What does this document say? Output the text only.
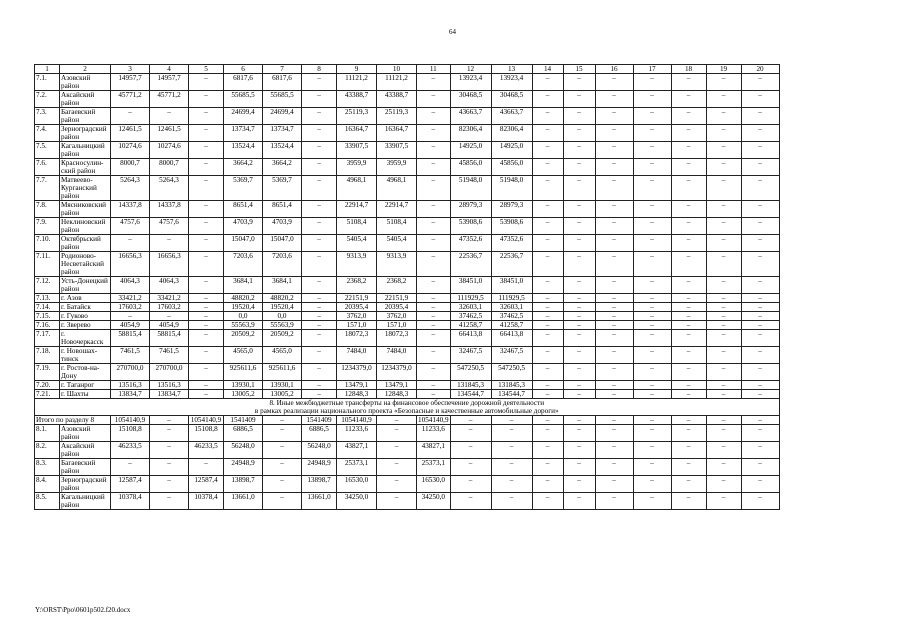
64
1	2	3	4	5	6	7	8	9	10	11	12	13	14	15	16	17	18	19	20
7.1.	Азовский район	14957,7	14957,7	–	6817,6	6817,6	–	11121,2	11121,2	–	13923,4	13923,4	–	–	–	–	–	–	–
7.2.	Аксайский район	45771,2	45771,2	–	55685,5	55685,5	–	43388,7	43388,7	–	30468,5	30468,5	–	–	–	–	–	–	–
7.3.	Багаевский район	–	–	–	24699,4	24699,4	–	25119,3	25119,3	–	43663,7	43663,7	–	–	–	–	–	–	–
7.4.	Зерноградский район	12461,5	12461,5	–	13734,7	13734,7	–	16364,7	16364,7	–	82306,4	82306,4	–	–	–	–	–	–	–
7.5.	Кагальницкий район	10274,6	10274,6	–	13524,4	13524,4	–	33907,5	33907,5	–	14925,0	14925,0	–	–	–	–	–	–	–
7.6.	Красносулин-ский район	8000,7	8000,7	–	3664,2	3664,2	–	3959,9	3959,9	–	45856,0	45856,0	–	–	–	–	–	–	–
7.7.	Матвеево-Курганский район	5264,3	5264,3	–	5369,7	5369,7	–	4968,1	4968,1	–	51948,0	51948,0	–	–	–	–	–	–	–
7.8.	Мясниковский район	14337,8	14337,8	–	8651,4	8651,4	–	22914,7	22914,7	–	28979,3	28979,3	–	–	–	–	–	–	–
7.9.	Неклиновский район	4757,6	4757,6	–	4703,9	4703,9	–	5108,4	5108,4	–	53908,6	53908,6	–	–	–	–	–	–	–
7.10.	Октябрьский район	–	–	–	15047,0	15047,0	–	5405,4	5405,4	–	47352,6	47352,6	–	–	–	–	–	–	–
7.11.	Родионово-Несветайский район	16656,3	16656,3	–	7203,6	7203,6	–	9313,9	9313,9	–	22536,7	22536,7	–	–	–	–	–	–	–
7.12.	Усть-Донецкий район	4064,3	4064,3	–	3684,1	3684,1	–	2368,2	2368,2	–	38451,0	38451,0	–	–	–	–	–	–	–
7.13.	г. Азов	33421,2	33421,2	–	48820,2	48820,2	–	22151,9	22151,9	–	111929,5	111929,5	–	–	–	–	–	–	–
7.14.	г. Батайск	17603,2	17603,2	–	19520,4	19520,4	–	20395,4	20395,4	–	32603,1	32603,1	–	–	–	–	–	–	–
7.15.	г. Гуково	–	–	–	0,0	0,0	–	3762,0	3762,0	–	37462,5	37462,5	–	–	–	–	–	–	–
7.16.	г. Зверево	4054,9	4054,9	–	55563,9	55563,9	–	1571,0	1571,0	–	41258,7	41258,7	–	–	–	–	–	–	–
7.17.	г. Новочеркасск	58815,4	58815,4	–	20509,2	20509,2	–	18072,3	18072,3	–	66413,8	66413,8	–	–	–	–	–	–	–
7.18.	г. Новошах-тинск	7461,5	7461,5	–	4565,0	4565,0	–	7484,0	7484,0	–	32467,5	32467,5	–	–	–	–	–	–	–
7.19.	г. Ростов-на-Дону	270700,0	270700,0	–	925611,6	925611,6	–	1234379,0	1234379,0	–	547250,5	547250,5	–	–	–	–	–	–	–
7.20.	г. Таганрог	13516,3	13516,3	–	13930,1	13930,1	–	13479,1	13479,1	–	131845,3	131845,3	–	–	–	–	–	–	–
7.21.	г. Шахты	13834,7	13834,7	–	13005,2	13005,2	–	12848,3	12848,3	–	134544,7	134544,7	–	–	–	–	–	–	–

8. Иные межбюджетные трансферты на финансовое обеспечение дорожной деятельности
в рамках реализации национального проекта «Безопасные и качественные автомобильные дороги»																			

Итого по разделу 8		1054140,9	–	1054140,9	1541409	–	1541409	1054140,9	–	1054140,9	–	–	–	–	–	–	–	–	–
8.1.	Азовский район	15108,8	–	15108,8	6886,5	–	6886,5	11233,6	–	11233,6	–	–	–	–	–	–	–	–	–
8.2.	Аксайский район	46233,5	–	46233,5	56248,0	–	56248,0	43827,1	–	43827,1	–	–	–	–	–	–	–	–	–
8.3.	Багаевский район	–	–	–	24948,9	–	24948,9	25373,1	–	25373,1	–	–	–	–	–	–	–	–	–
8.4.	Зерноградский район	12587,4	–	12587,4	13898,7	–	13898,7	16530,0	–	16530,0	–	–	–	–	–	–	–	–	–
8.5.	Кагальницкий район	10378,4	–	10378,4	13661,0	–	13661,0	34250,0	–	34250,0	–	–	–	–	–	–	–	–	–
Y:\ORST\Ppo\0601p502.f20.docx
